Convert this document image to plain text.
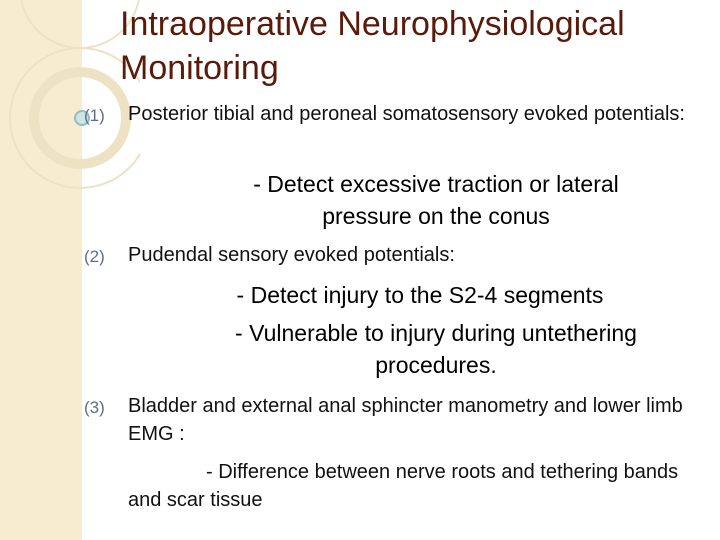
Intraoperative Neurophysiological Monitoring
(1) Posterior tibial and peroneal somatosensory evoked potentials:
- Detect excessive traction or lateral pressure on the conus
(2) Pudendal sensory evoked potentials:
- Detect injury to the S2-4 segments
- Vulnerable to injury during untethering procedures.
(3) Bladder and external anal sphincter manometry and lower limb EMG :
- Difference between nerve roots and tethering bands and scar tissue
